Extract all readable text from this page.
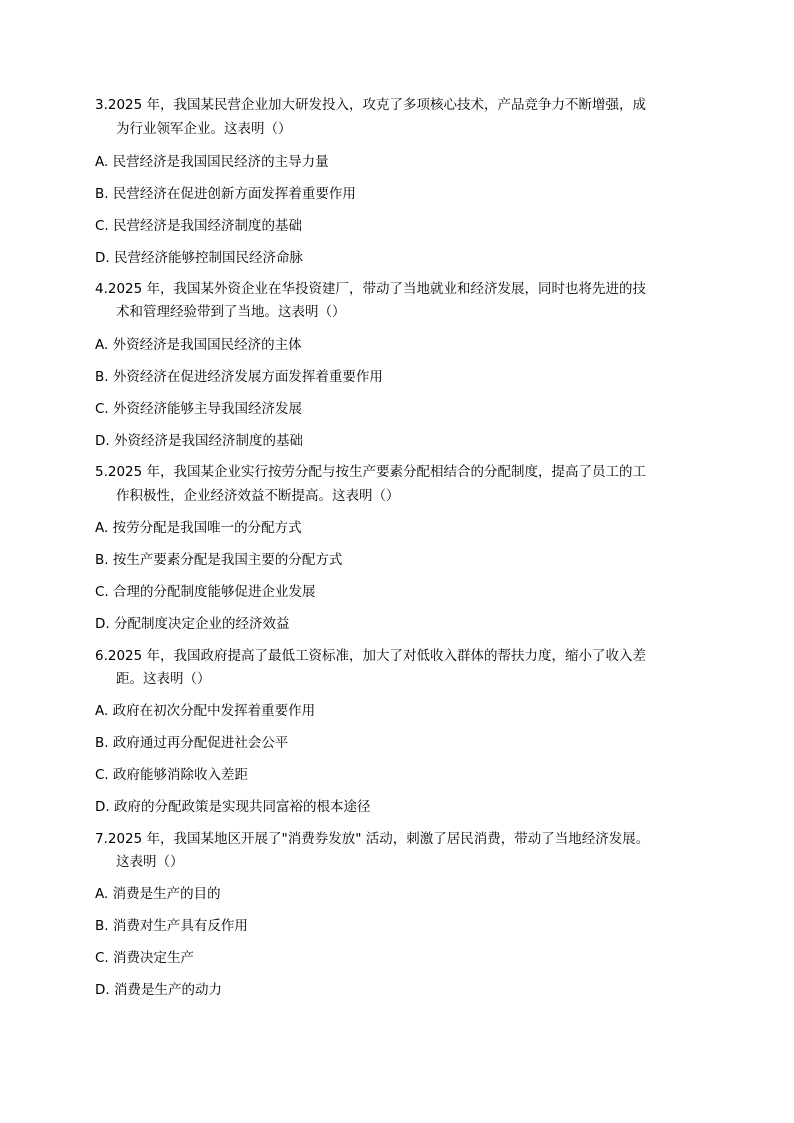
3.2025 年，我国某民营企业加大研发投入，攻克了多项核心技术，产品竞争力不断增强，成

为行业领军企业。这表明（）

A. 民营经济是我国国民经济的主导力量

B. 民营经济在促进创新方面发挥着重要作用

C. 民营经济是我国经济制度的基础

D. 民营经济能够控制国民经济命脉

4.2025 年，我国某外资企业在华投资建厂，带动了当地就业和经济发展，同时也将先进的技

术和管理经验带到了当地。这表明（）

A. 外资经济是我国国民经济的主体

B. 外资经济在促进经济发展方面发挥着重要作用

C. 外资经济能够主导我国经济发展

D. 外资经济是我国经济制度的基础

5.2025 年，我国某企业实行按劳分配与按生产要素分配相结合的分配制度，提高了员工的工

作积极性，企业经济效益不断提高。这表明（）

A. 按劳分配是我国唯一的分配方式

B. 按生产要素分配是我国主要的分配方式

C. 合理的分配制度能够促进企业发展

D. 分配制度决定企业的经济效益

6.2025 年，我国政府提高了最低工资标准，加大了对低收入群体的帮扶力度，缩小了收入差

距。这表明（）

A. 政府在初次分配中发挥着重要作用

B. 政府通过再分配促进社会公平

C. 政府能够消除收入差距

D. 政府的分配政策是实现共同富裕的根本途径

7.2025 年，我国某地区开展了"消费券发放" 活动，刺激了居民消费，带动了当地经济发展。

这表明（）

A. 消费是生产的目的

B. 消费对生产具有反作用

C. 消费决定生产

D. 消费是生产的动力
